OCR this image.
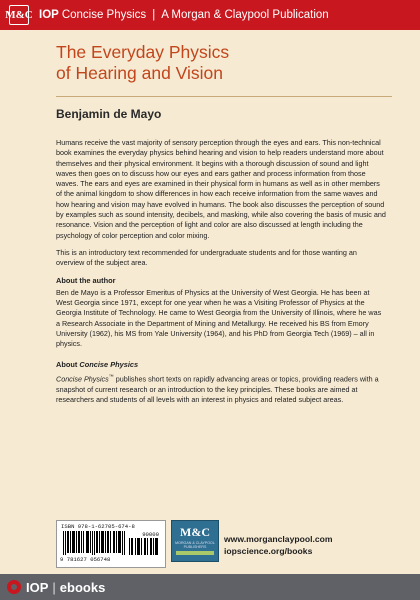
M&C IOP Concise Physics | A Morgan & Claypool Publication
The Everyday Physics
of Hearing and Vision
Benjamin de Mayo

Humans receive the vast majority of sensory perception through the eyes and ears. This non-technical book examines the everyday physics behind hearing and vision to help readers understand more about themselves and their physical environment. It begins with a thorough discussion of sound and light waves then goes on to discuss how our eyes and ears gather and process information from those waves. The ears and eyes are examined in their physical form in humans as well as in other members of the animal kingdom to show differences in how each receive information from the same waves and how hearing and vision may have evolved in humans. The book also discusses the perception of sound by examples such as sound intensity, decibels, and masking, while also covering the basis of music and resonance. Vision and the perception of light and color are also discussed at length including the psychology of color perception and color mixing.

This is an introductory text recommended for undergraduate students and for those wanting an overview of the subject area.

About the author

Ben de Mayo is a Professor Emeritus of Physics at the University of West Georgia. He has been at West Georgia since 1971, except for one year when he was a Visiting Professor of Physics at the Georgia Institute of Technology. He came to West Georgia from the University of Illinois, where he was a Research Associate in the Department of Mining and Metallurgy. He received his BS from Emory University (1962), his MS from Yale University (1964), and his PhD from Georgia Tech (1969) – all in physics.

About Concise Physics

Concise Physics™ publishes short texts on rapidly advancing areas or topics, providing readers with a snapshot of current research or an introduction to the key principles. These books are aimed at researchers and students of all levels with an interest in physics and related subject areas.

ISBN 978-1-62705-674-8
90000
9 781627 056748
M&C
MORGAN & CLAYPOOL PUBLISHERS
www.morganclaypool.com
iopscience.org/books
IOP | ebooks
